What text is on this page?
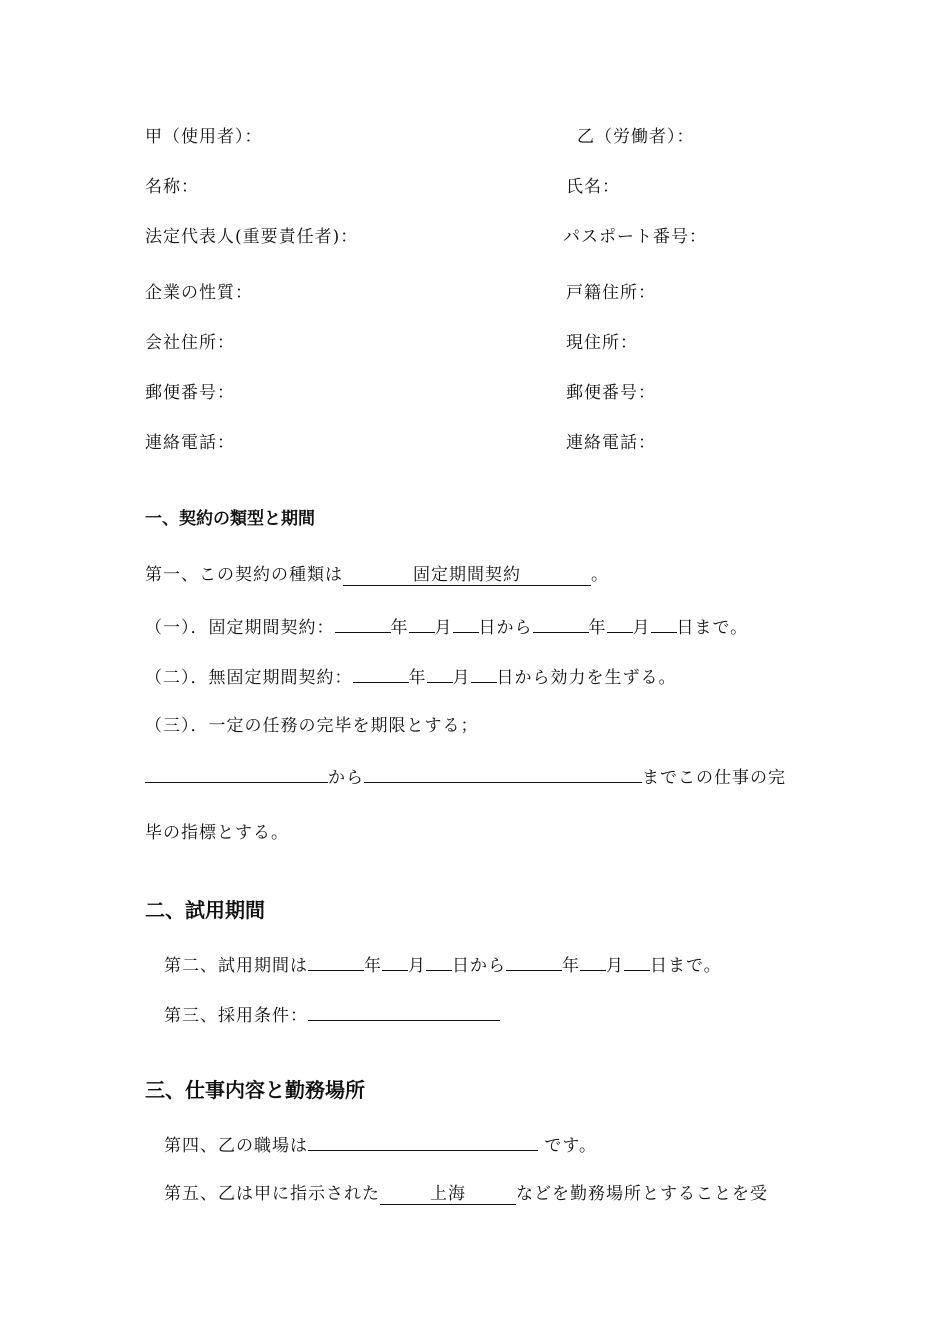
甲（使用者）：	乙（労働者）：
名称：	氏名：
法定代表人(重要責任者)：	パスポート番号：
企業の性質：	戸籍住所：
会社住所：	現住所：
郵便番号：	郵便番号：
連絡電話：	連絡電話：
一、契約の類型と期間
第一、この契約の種類は	固定期間契約	。
（一）．固定期間契約：	年 月 日から	年 月 日まで。
（二）．無固定期間契約：	年 月 日から効力を生ずる。
（三）．一定の任務の完毕を期限とする；
から	までこの仕事の完
毕の指標とする。
二、試用期間
第二、試用期間は	年 月 日から	年 月 日まで。
第三、採用条件：
三、仕事内容と勤務場所
第四、乙の職場は	です。
第五、乙は甲に指示された	上海	などを勤務場所とすることを受
